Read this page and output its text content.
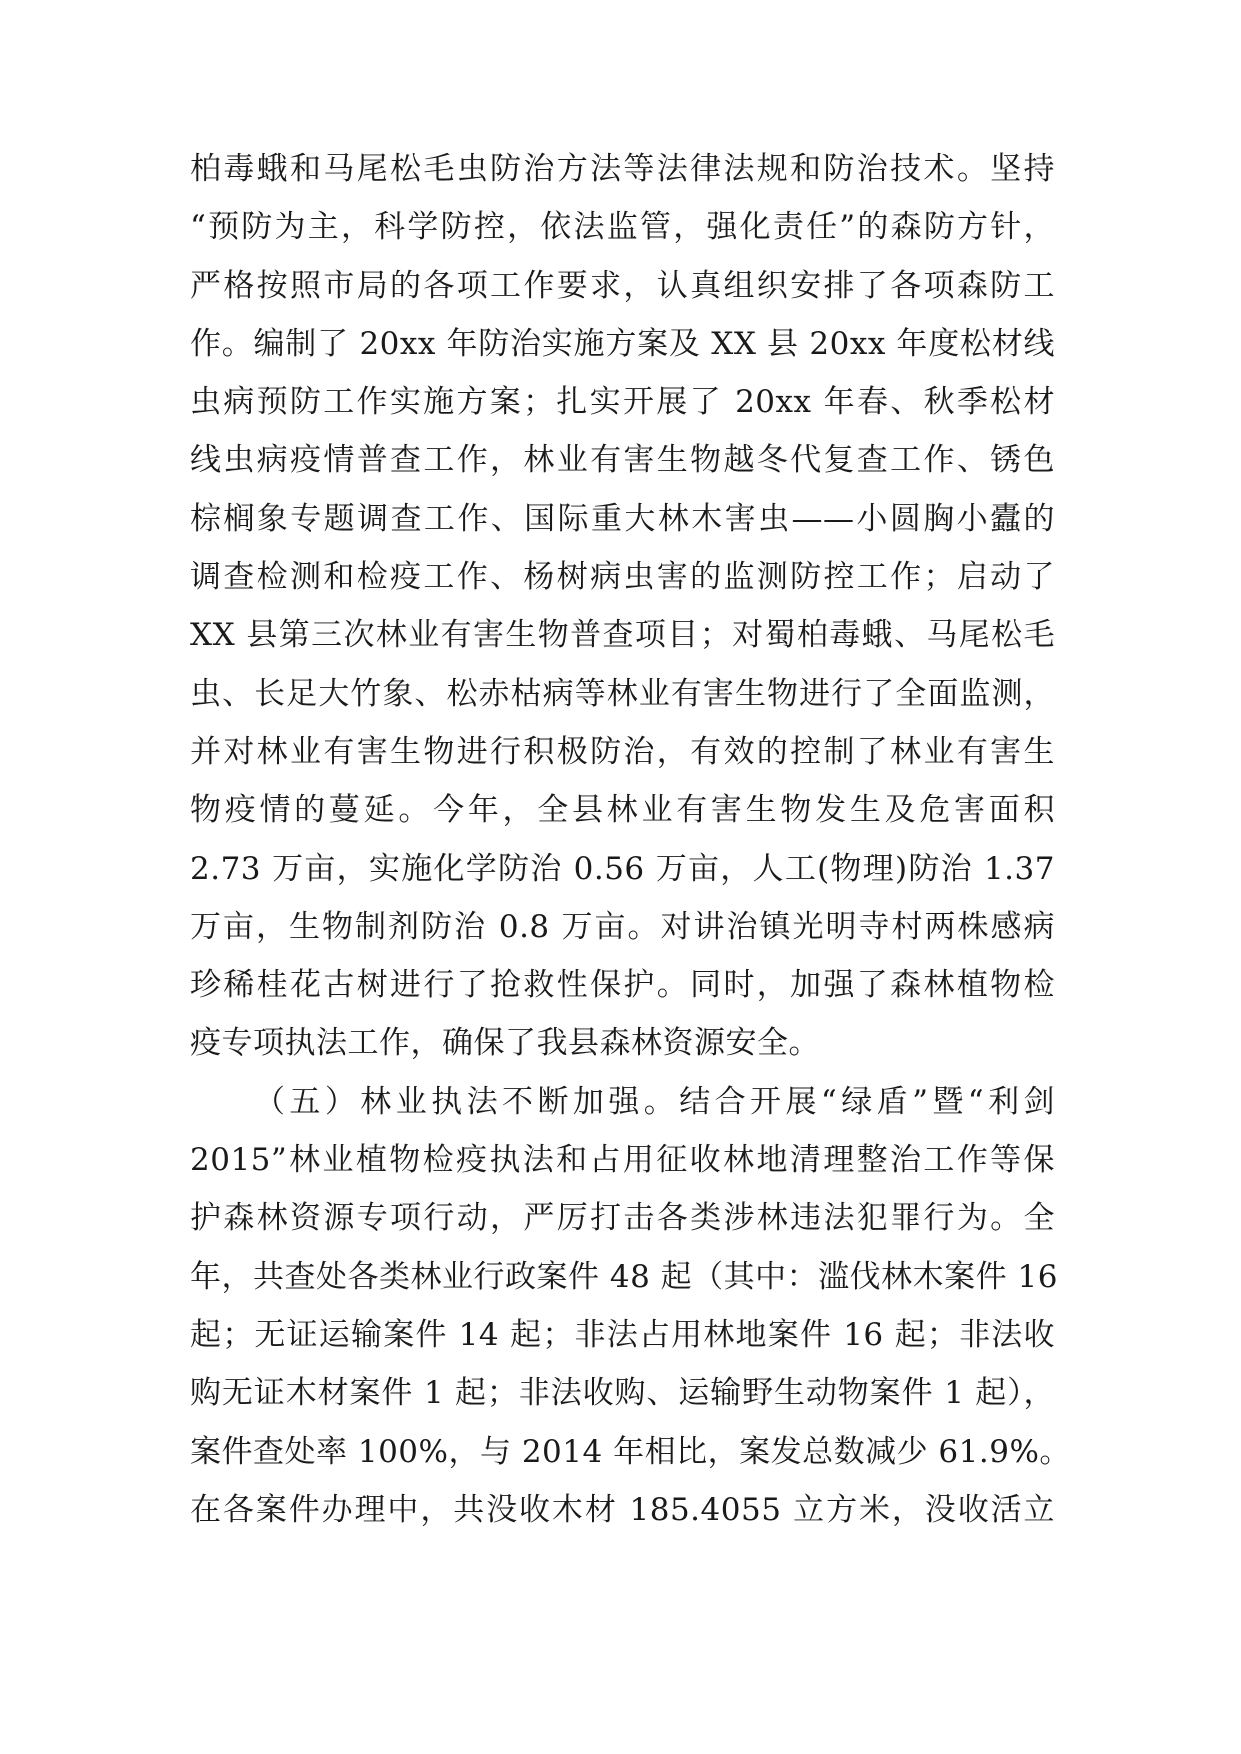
柏毒蛾和马尾松毛虫防治方法等法律法规和防治技术。坚持
“预防为主，科学防控，依法监管，强化责任”的森防方针，
严格按照市局的各项工作要求，认真组织安排了各项森防工
作。编制了 20xx 年防治实施方案及 XX 县 20xx 年度松材线
虫病预防工作实施方案；扎实开展了 20xx 年春、秋季松材
线虫病疫情普查工作，林业有害生物越冬代复查工作、锈色
棕榈象专题调查工作、国际重大林木害虫——小圆胸小蠹的
调查检测和检疫工作、杨树病虫害的监测防控工作；启动了
XX 县第三次林业有害生物普查项目；对蜀柏毒蛾、马尾松毛
虫、长足大竹象、松赤枯病等林业有害生物进行了全面监测，
并对林业有害生物进行积极防治，有效的控制了林业有害生
物疫情的蔓延。今年，全县林业有害生物发生及危害面积
2.73 万亩，实施化学防治 0.56 万亩，人工(物理)防治 1.37
万亩，生物制剂防治 0.8 万亩。对讲治镇光明寺村两株感病
珍稀桂花古树进行了抢救性保护。同时，加强了森林植物检
疫专项执法工作，确保了我县森林资源安全。
（五）林业执法不断加强。结合开展“绿盾”暨“利剑
2015”林业植物检疫执法和占用征收林地清理整治工作等保
护森林资源专项行动，严厉打击各类涉林违法犯罪行为。全
年，共查处各类林业行政案件 48 起（其中：滥伐林木案件 16
起；无证运输案件 14 起；非法占用林地案件 16 起；非法收
购无证木材案件 1 起；非法收购、运输野生动物案件 1 起），
案件查处率 100%，与 2014 年相比，案发总数减少 61.9%。
在各案件办理中，共没收木材 185.4055 立方米，没收活立
